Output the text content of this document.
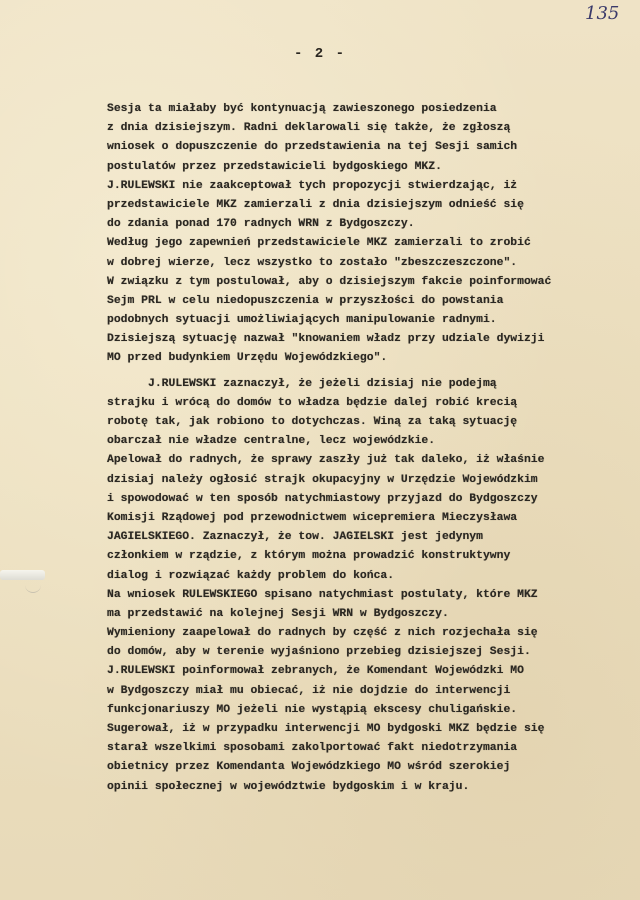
135
- 2 -
Sesja ta miałaby być kontynuacją zawieszonego posiedzenia
z dnia dzisiejszym. Radni deklarowali się także, że zgłoszą
wniosek o dopuszczenie do przedstawienia na tej Sesji samich
postulatów przez przedstawicieli bydgoskiego MKZ.
J.RULEWSKI nie zaakceptował tych propozycji stwierdzając, iż
przedstawiciele MKZ zamierzali z dnia dzisiejszym odnieść się
do zdania ponad 170 radnych WRN z Bydgoszczy.
Według jego zapewnień przedstawiciele MKZ zamierzali to zrobić
w dobrej wierze, lecz wszystko to zostało "zbeszczeszczone".
W związku z tym postulował, aby o dzisiejszym fakcie poinformować
Sejm PRL w celu niedopuszczenia w przyszłości do powstania
podobnych sytuacji umożliwiających manipulowanie radnymi.
Dzisiejszą sytuację nazwał "knowaniem władz przy udziale dywizji
MO przed budynkiem Urzędu Wojewódzkiego".
J.RULEWSKI zaznaczył, że jeżeli dzisiaj nie podejmą
strajku i wrócą do domów to władza będzie dalej robić krecią
robotę tak, jak robiono to dotychczas. Winą za taką sytuację
obarczał nie władze centralne, lecz wojewódzkie.
Apelował do radnych, że sprawy zaszły już tak daleko, iż właśnie
dzisiaj należy ogłosić strajk okupacyjny w Urzędzie Wojewódzkim
i spowodować w ten sposób natychmiastowy przyjazd do Bydgoszczy
Komisji Rządowej pod przewodnictwem wicepremiera Mieczysława
JAGIELSKIEGO. Zaznaczył, że tow. JAGIELSKI jest jedynym
członkiem w rządzie, z którym można prowadzić konstruktywny
dialog i rozwiązać każdy problem do końca.
Na wniosek RULEWSKIEGO spisano natychmiast postulaty, które MKZ
ma przedstawić na kolejnej Sesji WRN w Bydgoszczy.
Wymieniony zaapelował do radnych by część z nich rozjechała się
do domów, aby w terenie wyjaśniono przebieg dzisiejszej Sesji.
J.RULEWSKI poinformował zebranych, że Komendant Wojewódzki MO
w Bydgoszczy miał mu obiecać, iż nie dojdzie do interwencji
funkcjonariuszy MO jeżeli nie wystąpią ekscesy chuligańskie.
Sugerował, iż w przypadku interwencji MO bydgoski MKZ będzie się
starał wszelkimi sposobami zakolportować fakt niedotrzymania
obietnicy przez Komendanta Wojewódzkiego MO wśród szerokiej
opinii społecznej w województwie bydgoskim i w kraju.
